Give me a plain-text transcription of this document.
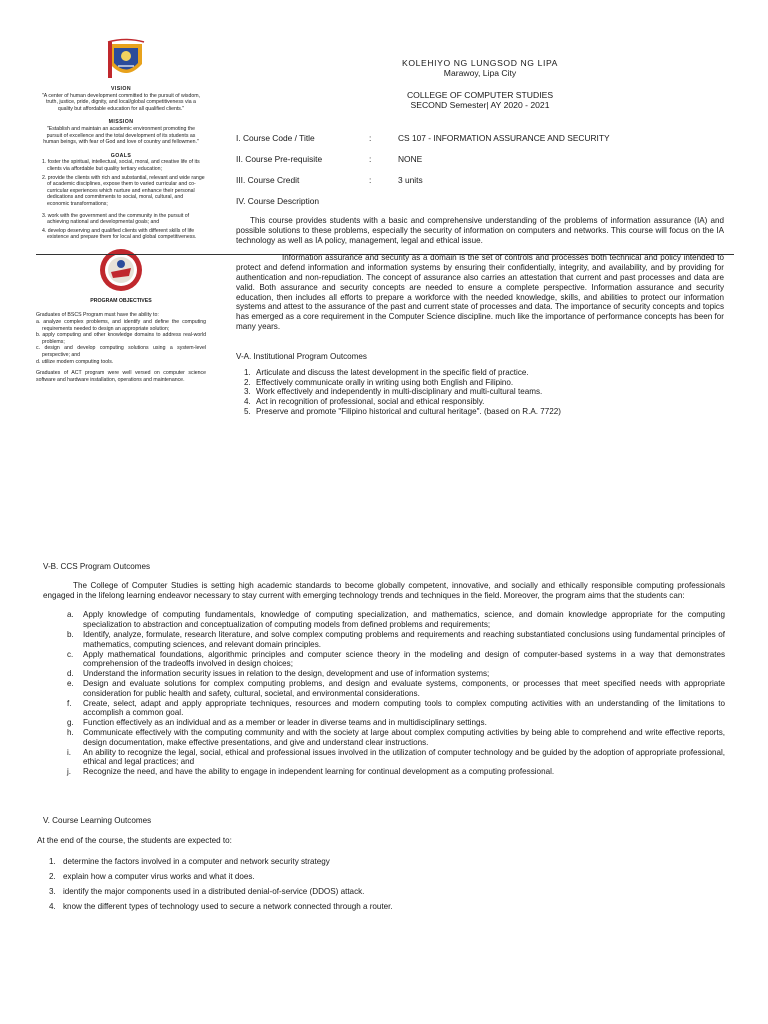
VISION
"A center of human development committed to the pursuit of wisdom, truth, justice, pride, dignity, and local/global competitiveness via a quality but affordable education for all qualified clients."
MISSION
"Establish and maintain an academic environment promoting the pursuit of excellence and the total development of its students as human beings, with fear of God and love of country and fellowmen."
GOALS
1. foster the spiritual, intellectual, social, moral, and creative life of its clients via affordable but quality tertiary education;
2. provide the clients with rich and substantial, relevant and wide range of academic disciplines, expose them to varied curricular and co-curricular experiences which nurture and enhance their personal dedications and commitments to social, moral, cultural, and economic transformations;
3. work with the government and the community in the pursuit of achieving national and developmental goals; and
4. develop deserving and qualified clients with different skills of life existence and prepare them for local and global competitiveness.
PROGRAM OBJECTIVES
Graduates of BSCS Program must have the ability to:
a. analyze complex problems, and identify and define the computing requirements needed to design an appropriate solution;
b. apply computing and other knowledge domains to address real-world problems;
c. design and develop computing solutions using a system-level perspective; and
d. utilize modern computing tools.
Graduates of ACT program were well versed on computer science software and hardware installation, operations and maintenance.
KOLEHIYO NG LUNGSOD NG LIPA
Marawoy, Lipa City
COLLEGE OF COMPUTER STUDIES
SECOND Semester| AY 2020 - 2021
I. Course Code / Title	:	CS 107 - INFORMATION ASSURANCE AND SECURITY
II. Course Pre-requisite	:	NONE
III. Course Credit	:	3 units
IV. Course Description

This course provides students with a basic and comprehensive understanding of the problems of information assurance (IA) and possible solutions to these problems, especially the security of information on computers and networks. This course will focus on the IA technology as well as IA policy, management, legal and ethical issue.

Information assurance and security as a domain is the set of controls and processes both technical and policy intended to protect and defend information and information systems by ensuring their confidentially, integrity, and availability, and by providing for authentication and non-repudiation. The concept of assurance also carries an attestation that current and past processes and data are valid. Both assurance and security concepts are needed to ensure a complete perspective. Information assurance and security education, then includes all efforts to prepare a workforce with the needed knowledge, skills, and abilities to protect our information systems and attest to the assurance of the past and current state of processes and data. The importance of security concepts and topics has emerged as a core requirement in the Computer Science discipline. much like the importance of performance concepts has been for many years.

V-A. Institutional Program Outcomes
1. Articulate and discuss the latest development in the specific field of practice.
2. Effectively communicate orally in writing using both English and Filipino.
3. Work effectively and independently in multi-disciplinary and multi-cultural teams.
4. Act in recognition of professional, social and ethical responsibly.
5. Preserve and promote "Filipino historical and cultural heritage". (based on R.A. 7722)
V-B. CCS Program Outcomes
The College of Computer Studies is setting high academic standards to become globally competent, innovative, and socially and ethically responsible computing professionals engaged in the lifelong learning endeavor necessary to stay current with emerging technology trends and techniques in the field. Moreover, the program aims that the students can:
a. Apply knowledge of computing fundamentals, knowledge of computing specialization, and mathematics, science, and domain knowledge appropriate for the computing specialization to abstraction and conceptualization of computing models from defined problems and requirements;
b. Identify, analyze, formulate, research literature, and solve complex computing problems and requirements and reaching substantiated conclusions using fundamental principles of mathematics, computing sciences, and relevant domain principles.
c. Apply mathematical foundations, algorithmic principles and computer science theory in the modeling and design of computer-based systems in a way that demonstrates comprehension of the tradeoffs involved in design choices;
d. Understand the information security issues in relation to the design, development and use of information systems;
e. Design and evaluate solutions for complex computing problems, and design and evaluate systems, components, or processes that meet specified needs with appropriate consideration for public health and safety, cultural, societal, and environmental considerations.
f. Create, select, adapt and apply appropriate techniques, resources and modern computing tools to complex computing activities with an understanding of the limitations to accomplish a common goal.
g. Function effectively as an individual and as a member or leader in diverse teams and in multidisciplinary settings.
h. Communicate effectively with the computing community and with the society at large about complex computing activities by being able to comprehend and write effective reports, design documentation, make effective presentations, and give and understand clear instructions.
i. An ability to recognize the legal, social, ethical and professional issues involved in the utilization of computer technology and be guided by the adoption of appropriate professional, ethical and legal practices; and
j. Recognize the need, and have the ability to engage in independent learning for continual development as a computing professional.
V. Course Learning Outcomes
At the end of the course, the students are expected to:
1. determine the factors involved in a computer and network security strategy
2. explain how a computer virus works and what it does.
3. identify the major components used in a distributed denial-of-service (DDOS) attack.
4. know the different types of technology used to secure a network connected through a router.
